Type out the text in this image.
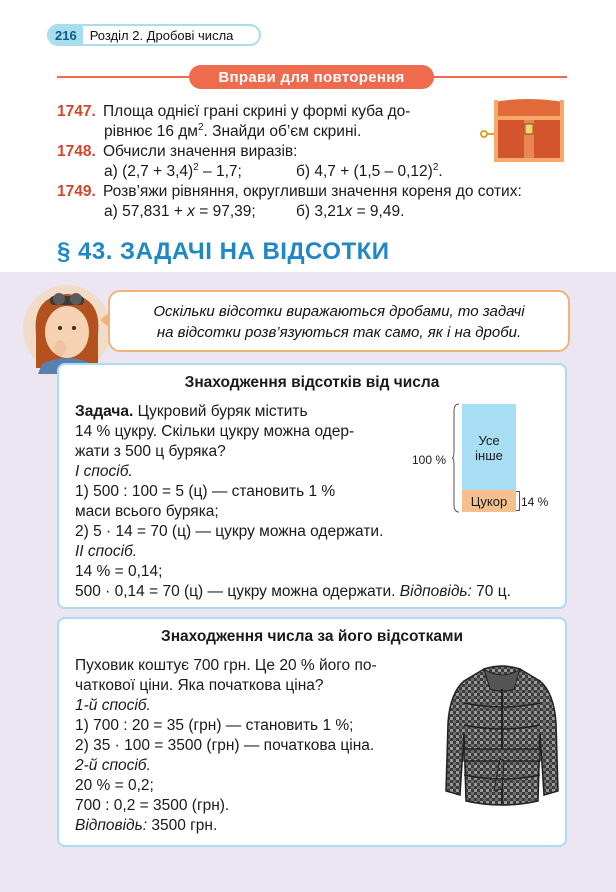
216	Розділ 2. Дробові числа
Вправи для повторення
1747. Площа однієї грані скрині у формі куба до-
рівнює 16 $дм^2$. Знайди об’єм скрині.
1748. Обчисли значення виразів:
а) $(2,7 + 3,4)^2 - 1,7$;	б) 4,7 + (1,5 – 0,12)$^2$.
1749. Розв’яжи рівняння, округливши значення кореня до сотих:
а) 57,831 + x = 97,39;	б) 3,21x = 9,49.
§ 43. ЗАДАЧІ НА ВІДСОТКИ
Оскільки відсотки виражаються дробами, то задачі
на відсотки розв’язуються так само, як і на дроби.
Знаходження відсотків від числа
Задача. Цукровий буряк містить
14 % цукру. Скільки цукру можна одер-
жати з 500 ц буряка?
І спосіб.
1) 500 : 100 = 5 (ц) — становить 1 %
маси всього буряка;
2) 5 · 14 = 70 (ц) — цукру можна одержати.
ІІ спосіб.
14 % = 0,14;
500 · 0,14 = 70 (ц) — цукру можна одержати. Відповідь: 70 ц.
100 %
Усе
інше
Цукор	14 %
Знаходження числа за його відсотками
Пуховик коштує 700 грн. Це 20 % його по-
чаткової ціни. Яка початкова ціна?
1-й спосіб.
1) 700 : 20 = 35 (грн) — становить 1 %;
2) 35 · 100 = 3500 (грн) — початкова ціна.
2-й спосіб.
20 % = 0,2;
700 : 0,2 = 3500 (грн).
Відповідь: 3500 грн.
